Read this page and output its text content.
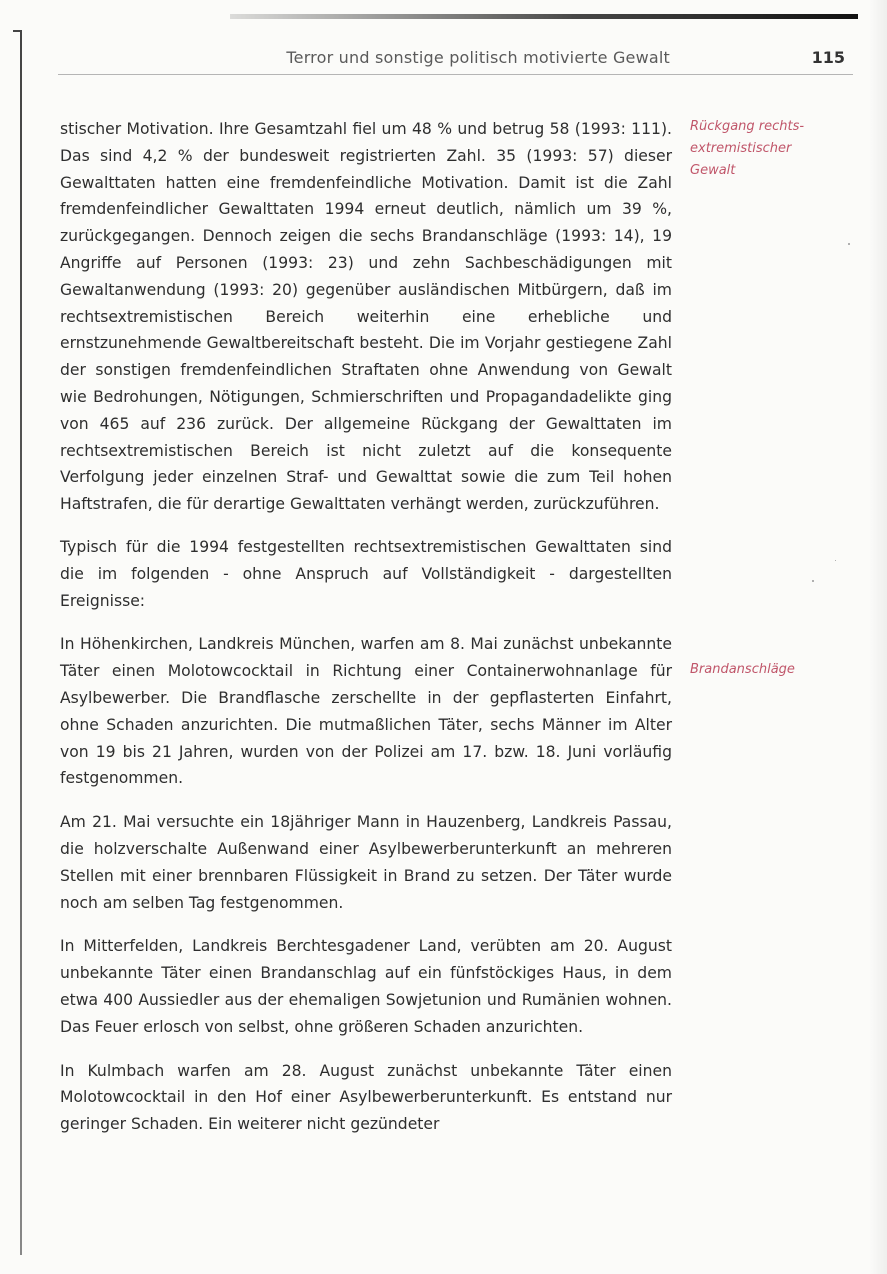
Terror und sonstige politisch motivierte Gewalt	115
Rückgang rechts-
extremistischer
Gewalt
Brandanschläge

stischer Motivation. Ihre Gesamtzahl fiel um 48 % und betrug 58 (1993: 111). Das sind 4,2 % der bundesweit registrierten Zahl. 35 (1993: 57) dieser Gewalttaten hatten eine fremdenfeindliche Motivation. Damit ist die Zahl fremdenfeindlicher Gewalttaten 1994 erneut deutlich, nämlich um 39 %, zurückgegangen. Dennoch zeigen die sechs Brandanschläge (1993: 14), 19 Angriffe auf Personen (1993: 23) und zehn Sachbeschädigungen mit Gewaltanwendung (1993: 20) gegenüber ausländischen Mitbürgern, daß im rechtsextremistischen Bereich weiterhin eine erhebliche und ernstzunehmende Gewaltbereitschaft besteht. Die im Vorjahr gestiegene Zahl der sonstigen fremdenfeindlichen Straftaten ohne Anwendung von Gewalt wie Bedrohungen, Nötigungen, Schmierschriften und Propagandadelikte ging von 465 auf 236 zurück. Der allgemeine Rückgang der Gewalttaten im rechtsextremistischen Bereich ist nicht zuletzt auf die konsequente Verfolgung jeder einzelnen Straf- und Gewalttat sowie die zum Teil hohen Haftstrafen, die für derartige Gewalttaten verhängt werden, zurückzuführen.

Typisch für die 1994 festgestellten rechtsextremistischen Gewalttaten sind die im folgenden - ohne Anspruch auf Vollständigkeit - dargestellten Ereignisse:

In Höhenkirchen, Landkreis München, warfen am 8. Mai zunächst unbekannte Täter einen Molotowcocktail in Richtung einer Containerwohnanlage für Asylbewerber. Die Brandflasche zerschellte in der gepflasterten Einfahrt, ohne Schaden anzurichten. Die mutmaßlichen Täter, sechs Männer im Alter von 19 bis 21 Jahren, wurden von der Polizei am 17. bzw. 18. Juni vorläufig festgenommen.

Am 21. Mai versuchte ein 18jähriger Mann in Hauzenberg, Landkreis Passau, die holzverschalte Außenwand einer Asylbewerberunterkunft an mehreren Stellen mit einer brennbaren Flüssigkeit in Brand zu setzen. Der Täter wurde noch am selben Tag festgenommen.

In Mitterfelden, Landkreis Berchtesgadener Land, verübten am 20. August unbekannte Täter einen Brandanschlag auf ein fünfstöckiges Haus, in dem etwa 400 Aussiedler aus der ehemaligen Sowjetunion und Rumänien wohnen. Das Feuer erlosch von selbst, ohne größeren Schaden anzurichten.

In Kulmbach warfen am 28. August zunächst unbekannte Täter einen Molotowcocktail in den Hof einer Asylbewerberunterkunft. Es entstand nur geringer Schaden. Ein weiterer nicht gezündeter
